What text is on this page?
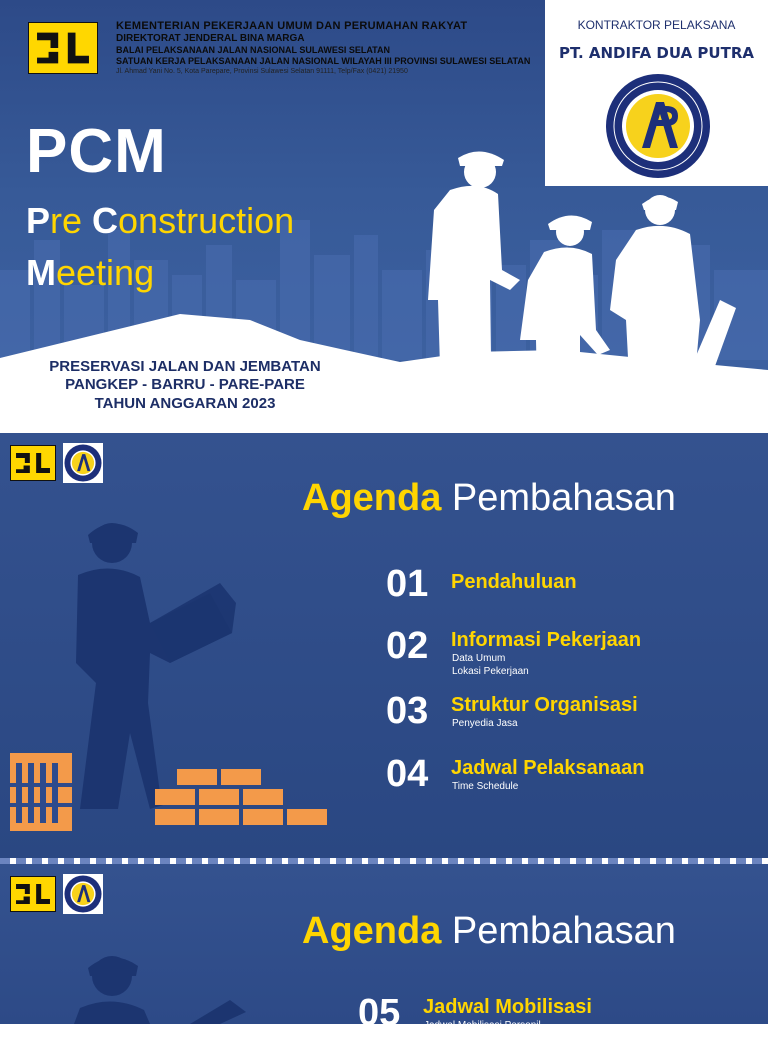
KEMENTERIAN PEKERJAAN UMUM DAN PERUMAHAN RAKYAT
DIREKTORAT JENDERAL BINA MARGA
BALAI PELAKSANAAN JALAN NASIONAL SULAWESI SELATAN
SATUAN KERJA PELAKSANAAN JALAN NASIONAL WILAYAH III PROVINSI SULAWESI SELATAN
Jl. Ahmad Yani No. 5, Kota Parepare, Provinsi Sulawesi Selatan 91111, Telp/Fax (0421) 21950
KONTRAKTOR PELAKSANA
PT. ANDIFA DUA PUTRA
PCM
Pre Construction
Meeting
PRESERVASI JALAN DAN JEMBATAN
PANGKEP - BARRU - PARE-PARE
TAHUN ANGGARAN 2023
Agenda Pembahasan
01 Pendahuluan
02 Informasi Pekerjaan
Data Umum
Lokasi Pekerjaan
03 Struktur Organisasi
Penyedia Jasa
04 Jadwal Pelaksanaan
Time Schedule
Agenda Pembahasan
05 Jadwal Mobilisasi
Jadwal Mobilisasi Personil
